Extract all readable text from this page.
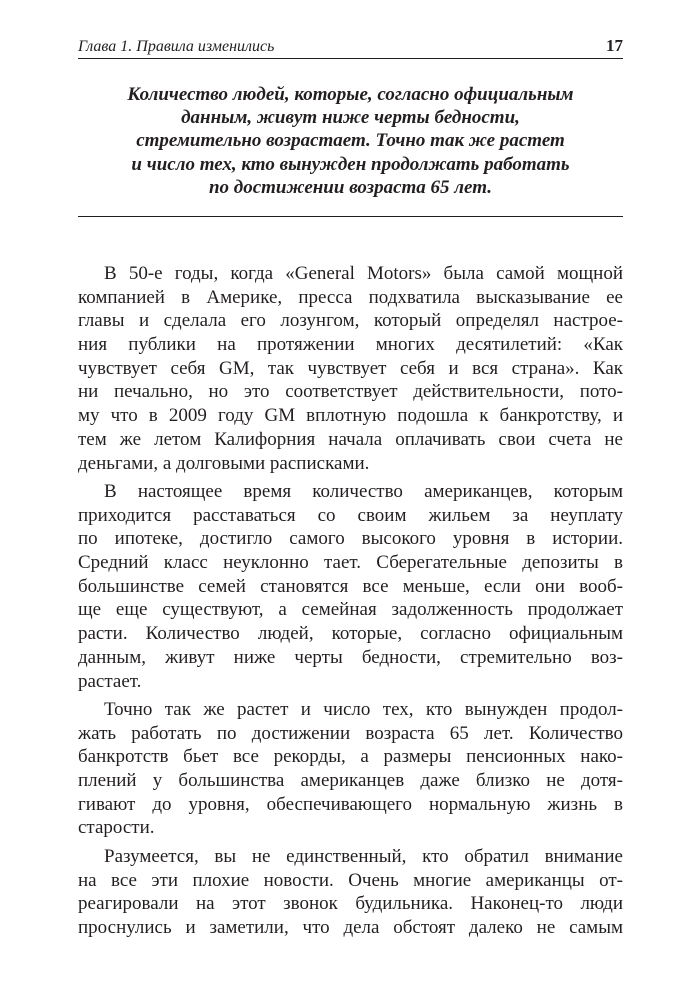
Глава 1. Правила изменились	17
Количество людей, которые, согласно официальным
данным, живут ниже черты бедности,
стремительно возрастает. Точно так же растет
и число тех, кто вынужден продолжать работать
по достижении возраста 65 лет.
В 50-е годы, когда «General Motors» была самой мощной
компанией в Америке, пресса подхватила высказывание ее
главы и сделала его лозунгом, который определял настрое-
ния публики на протяжении многих десятилетий: «Как
чувствует себя GM, так чувствует себя и вся страна». Как
ни печально, но это соответствует действительности, пото-
му что в 2009 году GM вплотную подошла к банкротству, и
тем же летом Калифорния начала оплачивать свои счета не
деньгами, а долговыми расписками.
В настоящее время количество американцев, которым
приходится расставаться со своим жильем за неуплату
по ипотеке, достигло самого высокого уровня в истории.
Средний класс неуклонно тает. Сберегательные депозиты в
большинстве семей становятся все меньше, если они вооб-
ще еще существуют, а семейная задолженность продолжает
расти. Количество людей, которые, согласно официальным
данным, живут ниже черты бедности, стремительно воз-
растает.
Точно так же растет и число тех, кто вынужден продол-
жать работать по достижении возраста 65 лет. Количество
банкротств бьет все рекорды, а размеры пенсионных нако-
плений у большинства американцев даже близко не дотя-
гивают до уровня, обеспечивающего нормальную жизнь в
старости.
Разумеется, вы не единственный, кто обратил внимание
на все эти плохие новости. Очень многие американцы от-
реагировали на этот звонок будильника. Наконец-то люди
проснулись и заметили, что дела обстоят далеко не самым
